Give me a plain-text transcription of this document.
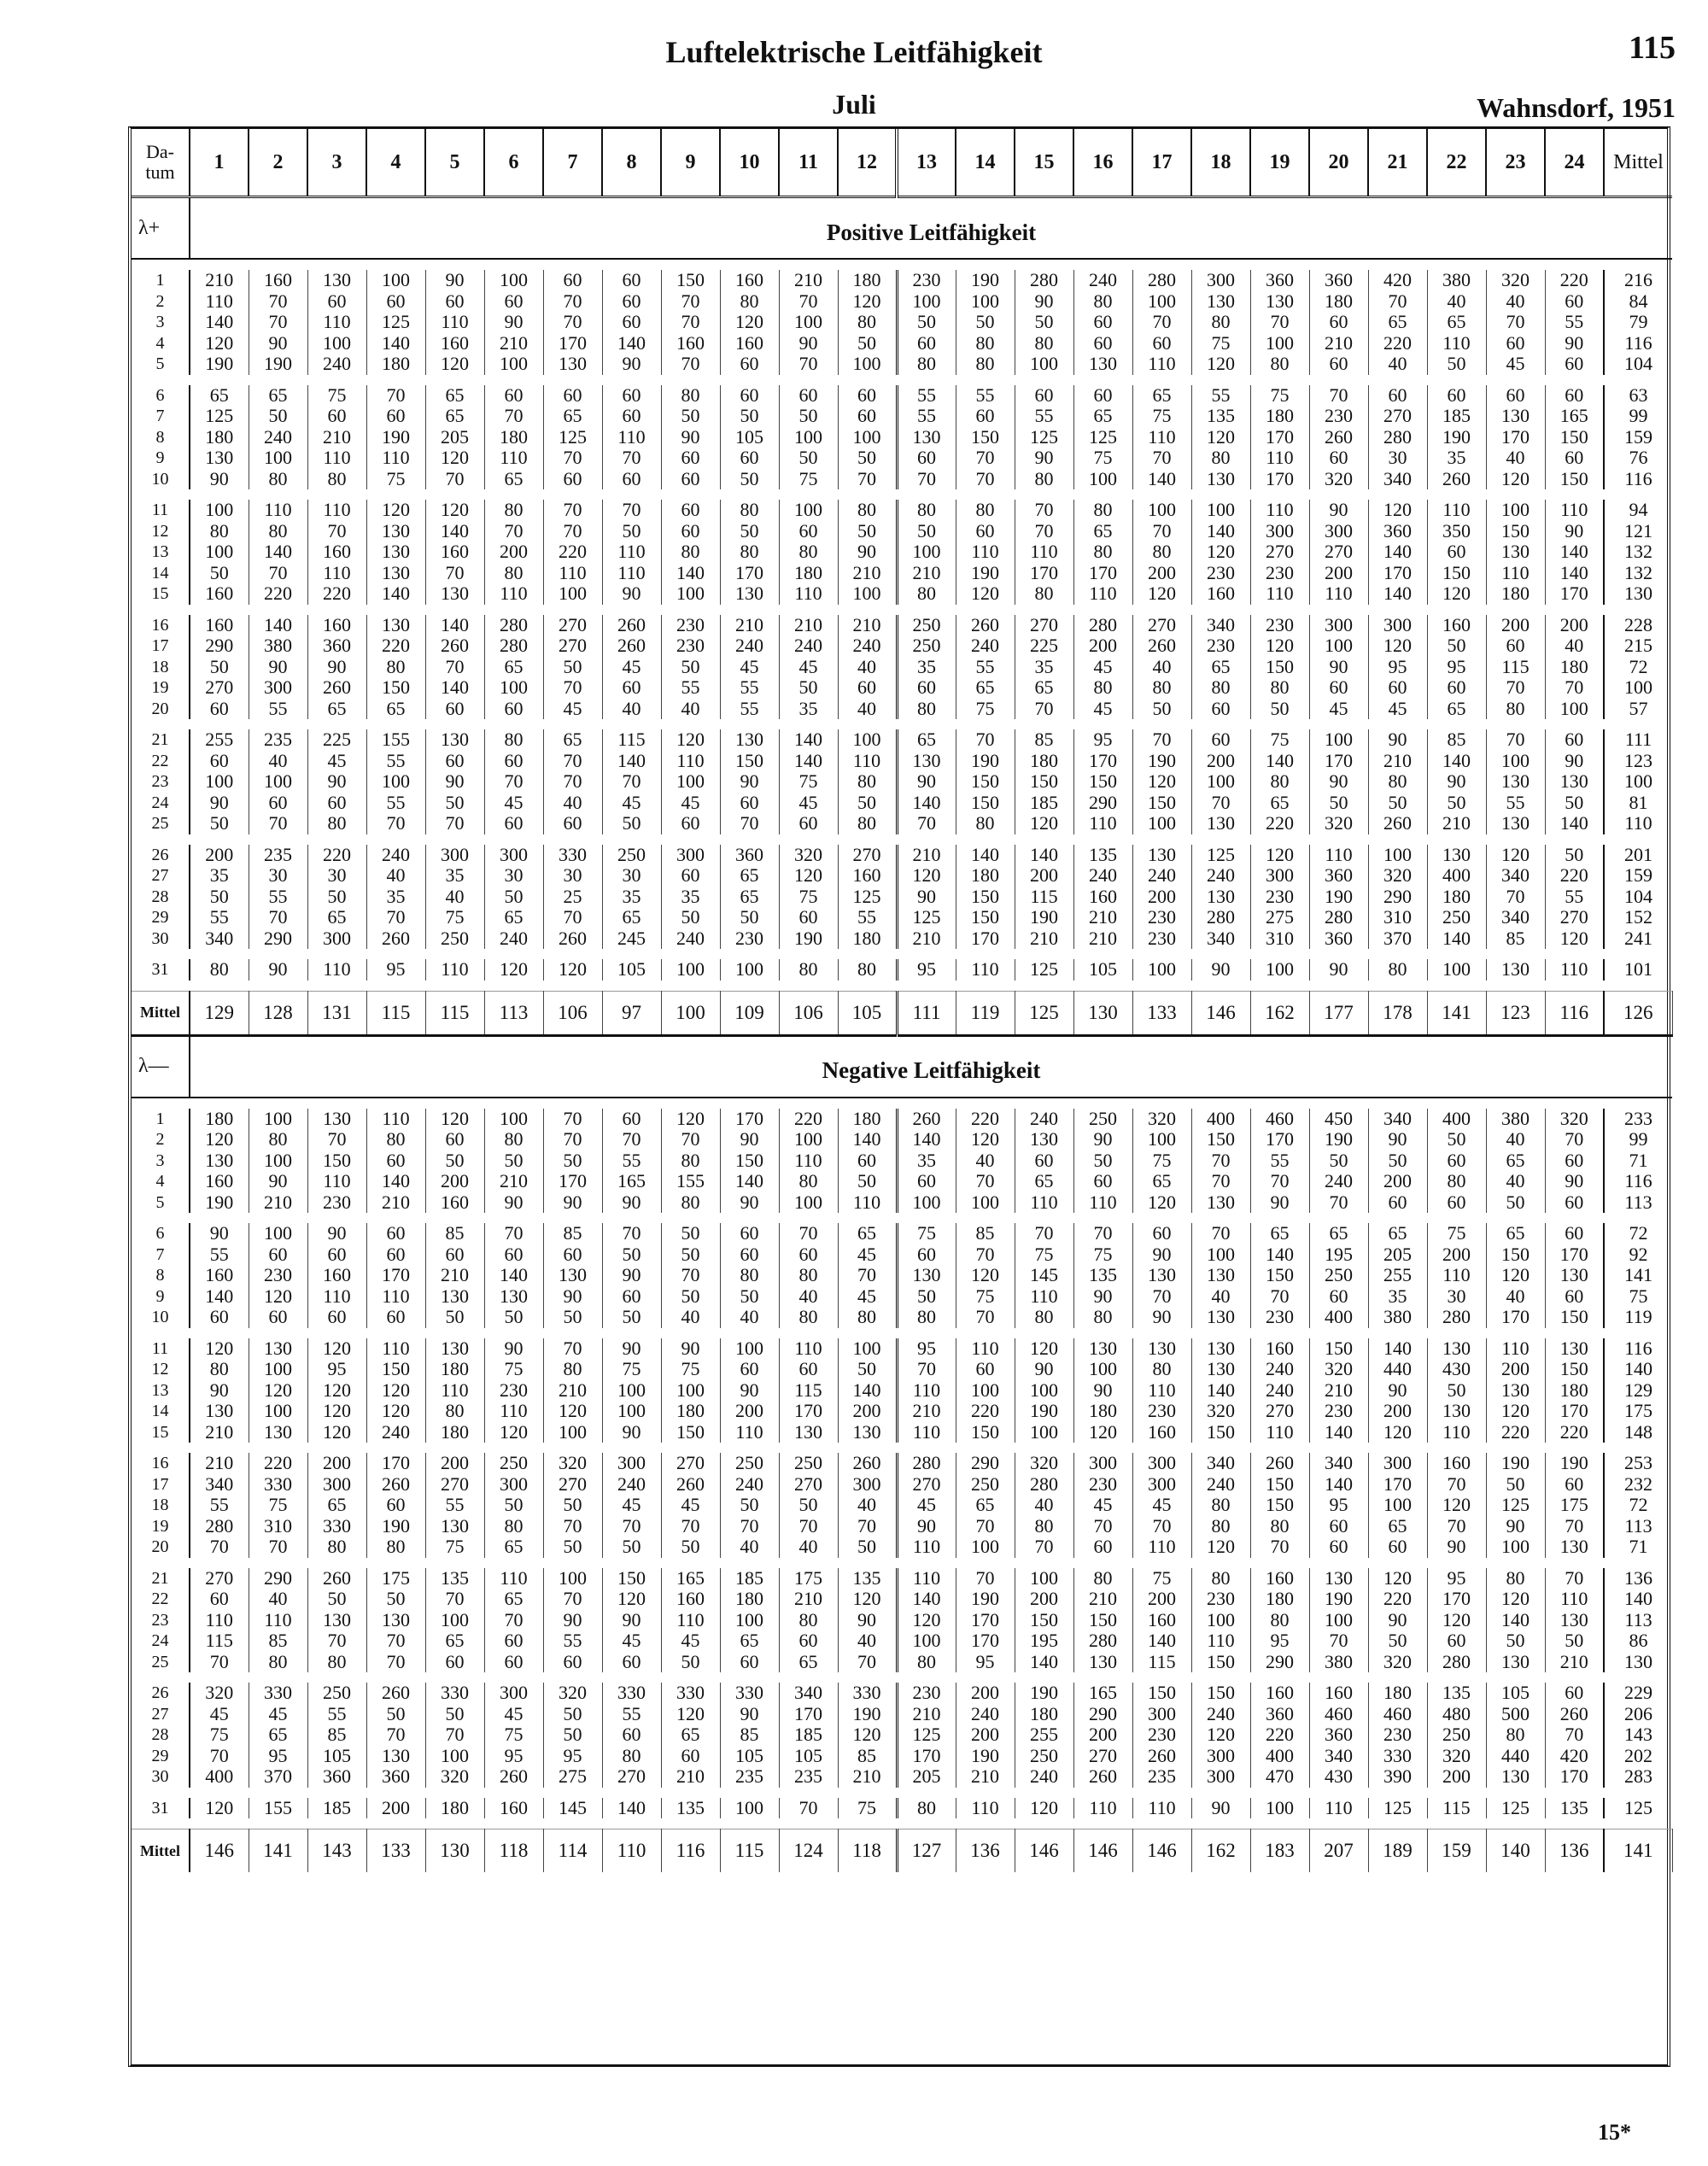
Luftelektrische Leitfähigkeit	115
Juli	Wahnsdorf, 1951
Da-
tum	1	2	3	4	5	6	7	8	9	10	11	12	13	14	15	16	17	18	19	20	21	22	23	24	Mittel
λ+	Positive Leitfähigkeit																								

1	210	160	130	100	90	100	60	60	150	160	210	180	230	190	280	240	280	300	360	360	420	380	320	220	216
2	110	70	60	60	60	60	70	60	70	80	70	120	100	100	90	80	100	130	130	180	70	40	40	60	84
3	140	70	110	125	110	90	70	60	70	120	100	80	50	50	50	60	70	80	70	60	65	65	70	55	79
4	120	90	100	140	160	210	170	140	160	160	90	50	60	80	80	60	60	75	100	210	220	110	60	90	116
5	190	190	240	180	120	100	130	90	70	60	70	100	80	80	100	130	110	120	80	60	40	50	45	60	104

6	65	65	75	70	65	60	60	60	80	60	60	60	55	55	60	60	65	55	75	70	60	60	60	60	63
7	125	50	60	60	65	70	65	60	50	50	50	60	55	60	55	65	75	135	180	230	270	185	130	165	99
8	180	240	210	190	205	180	125	110	90	105	100	100	130	150	125	125	110	120	170	260	280	190	170	150	159
9	130	100	110	110	120	110	70	70	60	60	50	50	60	70	90	75	70	80	110	60	30	35	40	60	76
10	90	80	80	75	70	65	60	60	60	50	75	70	70	70	80	100	140	130	170	320	340	260	120	150	116

11	100	110	110	120	120	80	70	70	60	80	100	80	80	80	70	80	100	100	110	90	120	110	100	110	94
12	80	80	70	130	140	70	70	50	60	50	60	50	50	60	70	65	70	140	300	300	360	350	150	90	121
13	100	140	160	130	160	200	220	110	80	80	80	90	100	110	110	80	80	120	270	270	140	60	130	140	132
14	50	70	110	130	70	80	110	110	140	170	180	210	210	190	170	170	200	230	230	200	170	150	110	140	132
15	160	220	220	140	130	110	100	90	100	130	110	100	80	120	80	110	120	160	110	110	140	120	180	170	130

16	160	140	160	130	140	280	270	260	230	210	210	210	250	260	270	280	270	340	230	300	300	160	200	200	228
17	290	380	360	220	260	280	270	260	230	240	240	240	250	240	225	200	260	230	120	100	120	50	60	40	215
18	50	90	90	80	70	65	50	45	50	45	45	40	35	55	35	45	40	65	150	90	95	95	115	180	72
19	270	300	260	150	140	100	70	60	55	55	50	60	60	65	65	80	80	80	80	60	60	60	70	70	100
20	60	55	65	65	60	60	45	40	40	55	35	40	80	75	70	45	50	60	50	45	45	65	80	100	57

21	255	235	225	155	130	80	65	115	120	130	140	100	65	70	85	95	70	60	75	100	90	85	70	60	111
22	60	40	45	55	60	60	70	140	110	150	140	110	130	190	180	170	190	200	140	170	210	140	100	90	123
23	100	100	90	100	90	70	70	70	100	90	75	80	90	150	150	150	120	100	80	90	80	90	130	130	100
24	90	60	60	55	50	45	40	45	45	60	45	50	140	150	185	290	150	70	65	50	50	50	55	50	81
25	50	70	80	70	70	60	60	50	60	70	60	80	70	80	120	110	100	130	220	320	260	210	130	140	110

26	200	235	220	240	300	300	330	250	300	360	320	270	210	140	140	135	130	125	120	110	100	130	120	50	201
27	35	30	30	40	35	30	30	30	60	65	120	160	120	180	200	240	240	240	300	360	320	400	340	220	159
28	50	55	50	35	40	50	25	35	35	65	75	125	90	150	115	160	200	130	230	190	290	180	70	55	104
29	55	70	65	70	75	65	70	65	50	50	60	55	125	150	190	210	230	280	275	280	310	250	340	270	152
30	340	290	300	260	250	240	260	245	240	230	190	180	210	170	210	210	230	340	310	360	370	140	85	120	241

31	80	90	110	95	110	120	120	105	100	100	80	80	95	110	125	105	100	90	100	90	80	100	130	110	101

Mittel	129	128	131	115	115	113	106	97	100	109	106	105	111	119	125	130	133	146	162	177	178	141	123	116	126
λ—	Negative Leitfähigkeit																								

1	180	100	130	110	120	100	70	60	120	170	220	180	260	220	240	250	320	400	460	450	340	400	380	320	233
2	120	80	70	80	60	80	70	70	70	90	100	140	140	120	130	90	100	150	170	190	90	50	40	70	99
3	130	100	150	60	50	50	50	55	80	150	110	60	35	40	60	50	75	70	55	50	50	60	65	60	71
4	160	90	110	140	200	210	170	165	155	140	80	50	60	70	65	60	65	70	70	240	200	80	40	90	116
5	190	210	230	210	160	90	90	90	80	90	100	110	100	100	110	110	120	130	90	70	60	60	50	60	113

6	90	100	90	60	85	70	85	70	50	60	70	65	75	85	70	70	60	70	65	65	65	75	65	60	72
7	55	60	60	60	60	60	60	50	50	60	60	45	60	70	75	75	90	100	140	195	205	200	150	170	92
8	160	230	160	170	210	140	130	90	70	80	80	70	130	120	145	135	130	130	150	250	255	110	120	130	141
9	140	120	110	110	130	130	90	60	50	50	40	45	50	75	110	90	70	40	70	60	35	30	40	60	75
10	60	60	60	60	50	50	50	50	40	40	80	80	80	70	80	80	90	130	230	400	380	280	170	150	119

11	120	130	120	110	130	90	70	90	90	100	110	100	95	110	120	130	130	130	160	150	140	130	110	130	116
12	80	100	95	150	180	75	80	75	75	60	60	50	70	60	90	100	80	130	240	320	440	430	200	150	140
13	90	120	120	120	110	230	210	100	100	90	115	140	110	100	100	90	110	140	240	210	90	50	130	180	129
14	130	100	120	120	80	110	120	100	180	200	170	200	210	220	190	180	230	320	270	230	200	130	120	170	175
15	210	130	120	240	180	120	100	90	150	110	130	130	110	150	100	120	160	150	110	140	120	110	220	220	148

16	210	220	200	170	200	250	320	300	270	250	250	260	280	290	320	300	300	340	260	340	300	160	190	190	253
17	340	330	300	260	270	300	270	240	260	240	270	300	270	250	280	230	300	240	150	140	170	70	50	60	232
18	55	75	65	60	55	50	50	45	45	50	50	40	45	65	40	45	45	80	150	95	100	120	125	175	72
19	280	310	330	190	130	80	70	70	70	70	70	70	90	70	80	70	70	80	80	60	65	70	90	70	113
20	70	70	80	80	75	65	50	50	50	40	40	50	110	100	70	60	110	120	70	60	60	90	100	130	71

21	270	290	260	175	135	110	100	150	165	185	175	135	110	70	100	80	75	80	160	130	120	95	80	70	136
22	60	40	50	50	70	65	70	120	160	180	210	120	140	190	200	210	200	230	180	190	220	170	120	110	140
23	110	110	130	130	100	70	90	90	110	100	80	90	120	170	150	150	160	100	80	100	90	120	140	130	113
24	115	85	70	70	65	60	55	45	45	65	60	40	100	170	195	280	140	110	95	70	50	60	50	50	86
25	70	80	80	70	60	60	60	60	50	60	65	70	80	95	140	130	115	150	290	380	320	280	130	210	130

26	320	330	250	260	330	300	320	330	330	330	340	330	230	200	190	165	150	150	160	160	180	135	105	60	229
27	45	45	55	50	50	45	50	55	120	90	170	190	210	240	180	290	300	240	360	460	460	480	500	260	206
28	75	65	85	70	70	75	50	60	65	85	185	120	125	200	255	200	230	120	220	360	230	250	80	70	143
29	70	95	105	130	100	95	95	80	60	105	105	85	170	190	250	270	260	300	400	340	330	320	440	420	202
30	400	370	360	360	320	260	275	270	210	235	235	210	205	210	240	260	235	300	470	430	390	200	130	170	283

31	120	155	185	200	180	160	145	140	135	100	70	75	80	110	120	110	110	90	100	110	125	115	125	135	125

Mittel	146	141	143	133	130	118	114	110	116	115	124	118	127	136	146	146	146	162	183	207	189	159	140	136	141
15*
